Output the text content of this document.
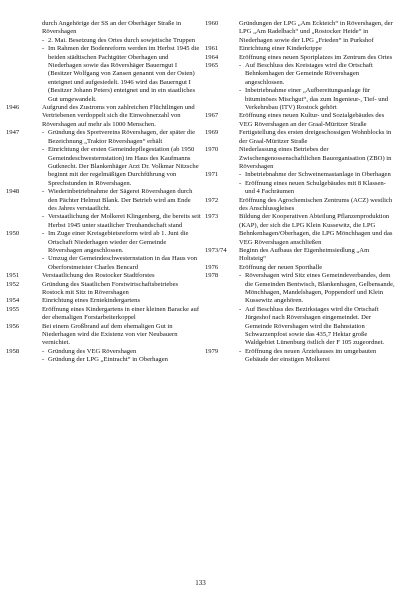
durch Angehörige der SS an der Oberhäger Straße in Rövershagen
- 2. Mai. Besetzung des Ortes durch sowjetische Truppen
- Im Rahmen der Bodenreform werden im Herbst 1945 die beiden städtischen Pachtgüter Oberhagen und Niederhagen sowie das Rövershäger Bauerngut I (Besitzer Wolfgang von Zansen genannt von der Osten) enteignet und aufgesiedelt. 1946 wird das Bauerngut I (Besitzer Johann Peters) enteignet und in ein staatliches Gut umgewandelt.
1946	Aufgrund des Zustroms von zahlreichen Flüchtlingen und Vertriebenen verdoppelt sich die Einwohnerzahl von Rövershagen auf mehr als 1000 Menschen.
1947	- Gründung des Sportvereins Rövershagen, der später die Bezeichnung „Traktor Rövershagen“ erhält
- Einrichtung der ersten Gemeindepflegestation (ab 1950 Gemeindeschwesternstation) im Haus des Kaufmanns Gutknecht. Der Blankenhäger Arzt Dr. Volkmar Nitzsche beginnt mit der regelmäßigen Durchführung von Sprechstunden in Rövershagen.
1948	- Wiederinbetriebnahme der Sägerei Rövershagen durch den Pächter Helmut Blank. Der Betrieb wird am Ende des Jahres verstaatlicht.
- Verstaatlichung der Molkerei Klingenberg, die bereits seit Herbst 1945 unter staatlicher Treuhandschaft stand
1950	- Im Zuge einer Kreisgebietsreform wird ab 1. Juni die Ortschaft Niederhagen wieder der Gemeinde Rövershagen angeschlossen.
- Umzug der Gemeindeschwesternstation in das Haus von Oberforstmeister Charles Bencard
1951	Verstaatlichung des Rostocker Stadtforstes
1952	Gründung des Staatlichen Forstwirtschaftsbetriebes Rostock mit Sitz in Rövershagen
1954	Einrichtung eines Erntekindergartens
1955	Eröffnung eines Kindergartens in einer kleinen Baracke auf der ehemaligen Forstarbeiterkoppel
1956	Bei einem Großbrand auf dem ehemaligen Gut in Niederhagen wird die Existenz von vier Neubauern vernichtet.
1958	- Gründung des VEG Rövershagen
- Gründung der LPG „Eintracht“ in Oberhagen
1960	Gründungen der LPG „Am Eckteich“ in Rövershagen, der LPG „Am Radelbach“ und „Rostocker Heide“ in Niederhagen sowie der LPG „Frieden“ in Purkshof
1961	Einrichtung einer Kinderkrippe
1964	Eröffnung eines neuen Sportplatzes im Zentrum des Ortes
1965	- Auf Beschluss des Kreistages wird die Ortschaft Behnkenhagen der Gemeinde Rövershagen angeschlossen.
- Inbetriebnahme einer „Aufbereitungsanlage für bituminöses Mischgut“, das zum Ingenieur-, Tief- und Verkehrsbau (ITV) Rostock gehört
1967	Eröffnung eines neuen Kultur- und Sozialgebäudes des VEG Rövershagen an der Graal-Müritzer Straße
1969	Fertigstellung des ersten dreigeschossigen Wohnblocks in der Graal-Müritzer Straße
1970	Niederlassung eines Betriebes der Zwischengenossenschaftlichen Bauorganisation (ZBO) in Rövershagen
1971	- Inbetriebnahme der Schweinemastanlage in Oberhagen
- Eröffnung eines neuen Schulgebäudes mit 8 Klassen- und 4 Fachräumen
1972	Eröffnung des Agrochemischen Zentrums (ACZ) westlich des Anschlussgleises
1973	Bildung der Kooperativen Abteilung Pflanzenproduktion (KAP), der sich die LPG Klein Kussewitz, die LPG Behnkenhagen/Oberhagen, die LPG Mönchhagen und das VEG Rövershagen anschließen
1973/74	Beginn des Aufbaus der Eigenheimsiedlung „Am Holtsteig“
1976	Eröffnung der neuen Sporthalle
1978	- Rövershagen wird Sitz eines Gemeindeverbandes, dem die Gemeinden Bentwisch, Blankenhagen, Gelbensande, Mönchhagen, Mandelshagen, Poppendorf und Klein Kussewitz angehören.
- Auf Beschluss des Bezirkstages wird die Ortschaft Jürgeshof nach Rövershagen eingemeindet. Der Gemeinde Rövershagen wird die Bahnstation Schwarzenpfost sowie das 435,7 Hektar große Waldgebiet Lünenburg östlich der F 105 zugeordnet.
1979	- Eröffnung des neuen Ärztehauses im umgebauten Gebäude der einstigen Molkerei
133
